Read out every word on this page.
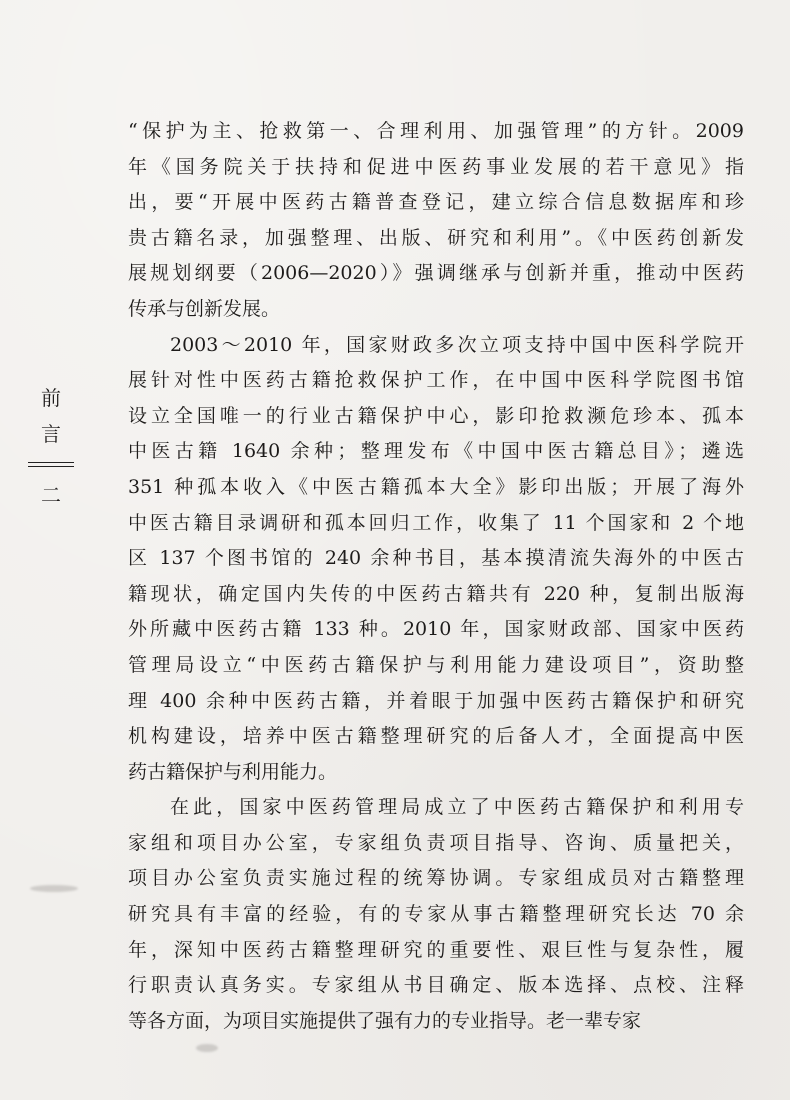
前
言
二

“保护为主、抢救第一、合理利用、加强管理”的方针。2009
年《国务院关于扶持和促进中医药事业发展的若干意见》指
出，要“开展中医药古籍普查登记，建立综合信息数据库和珍
贵古籍名录，加强整理、出版、研究和利用”。《中医药创新发
展规划纲要（2006—2020）》强调继承与创新并重，推动中医药
传承与创新发展。

2003～2010 年，国家财政多次立项支持中国中医科学院开
展针对性中医药古籍抢救保护工作，在中国中医科学院图书馆
设立全国唯一的行业古籍保护中心，影印抢救濒危珍本、孤本
中医古籍 1640 余种；整理发布《中国中医古籍总目》；遴选
351 种孤本收入《中医古籍孤本大全》影印出版；开展了海外
中医古籍目录调研和孤本回归工作，收集了 11 个国家和 2 个地
区 137 个图书馆的 240 余种书目，基本摸清流失海外的中医古
籍现状，确定国内失传的中医药古籍共有 220 种，复制出版海
外所藏中医药古籍 133 种。2010 年，国家财政部、国家中医药
管理局设立“中医药古籍保护与利用能力建设项目”，资助整
理 400 余种中医药古籍，并着眼于加强中医药古籍保护和研究
机构建设，培养中医古籍整理研究的后备人才，全面提高中医
药古籍保护与利用能力。

在此，国家中医药管理局成立了中医药古籍保护和利用专
家组和项目办公室，专家组负责项目指导、咨询、质量把关，
项目办公室负责实施过程的统筹协调。专家组成员对古籍整理
研究具有丰富的经验，有的专家从事古籍整理研究长达 70 余
年，深知中医药古籍整理研究的重要性、艰巨性与复杂性，履
行职责认真务实。专家组从书目确定、版本选择、点校、注释
等各方面，为项目实施提供了强有力的专业指导。老一辈专家
